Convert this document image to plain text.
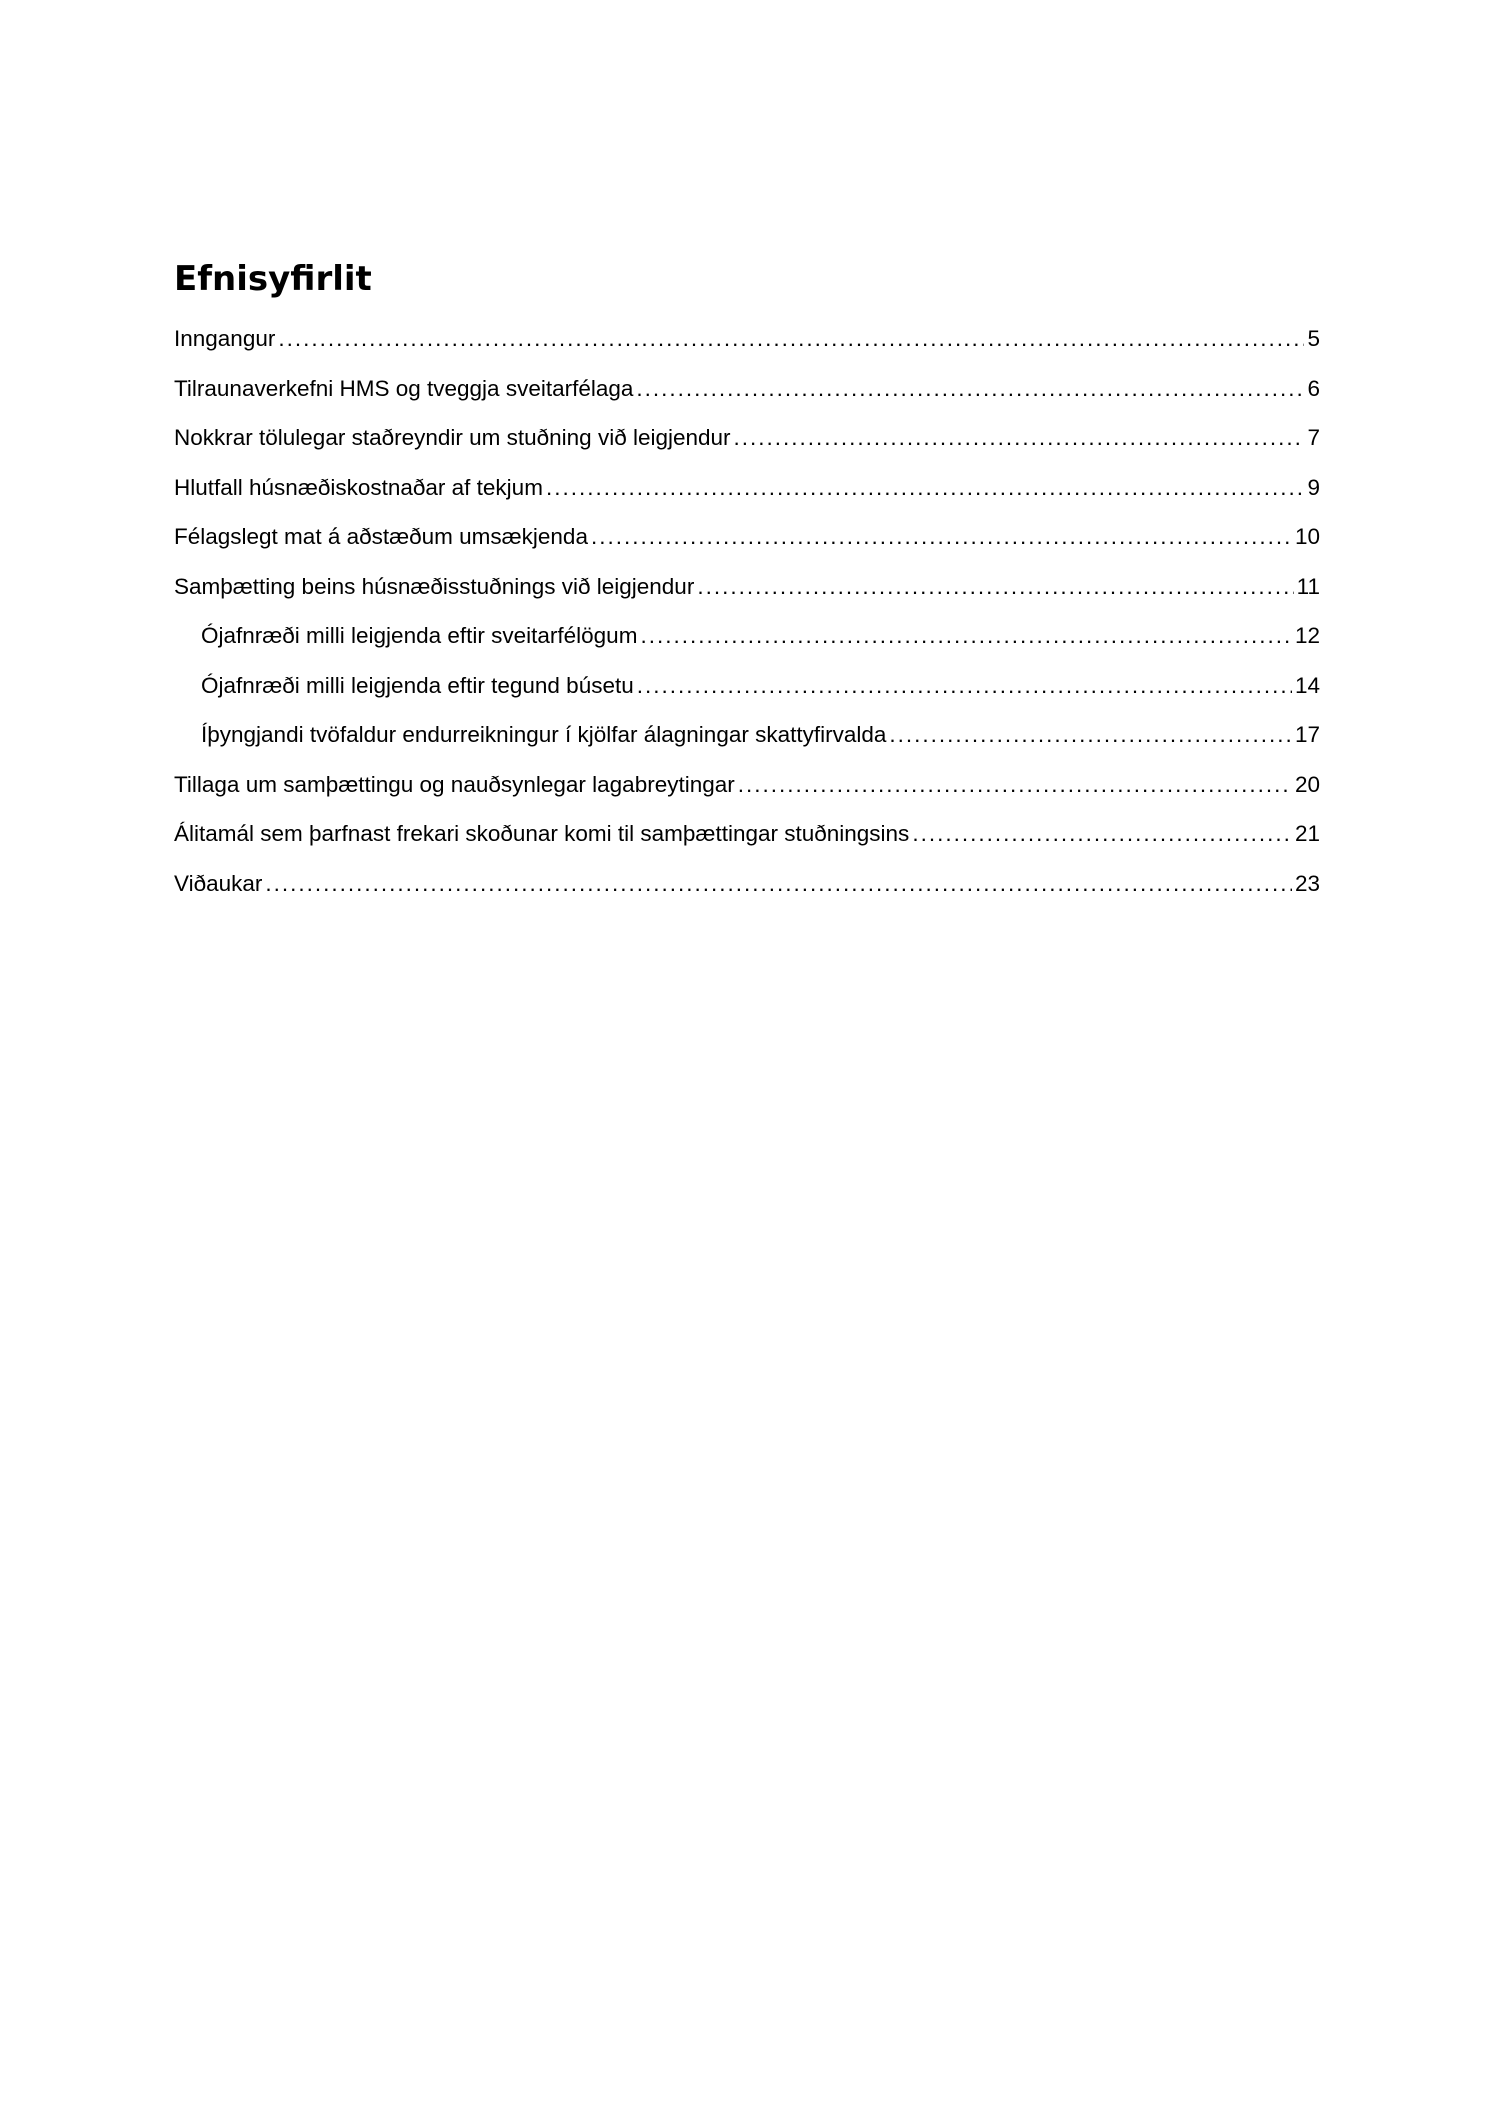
Efnisyfirlit
Inngangur .....	5
Tilraunaverkefni HMS og tveggja sveitarfélaga .....	6
Nokkrar tölulegar staðreyndir um stuðning við leigjendur .....	7
Hlutfall húsnæðiskostnaðar af tekjum .....	9
Félagslegt mat á aðstæðum umsækjenda .....	10
Samþætting beins húsnæðisstuðnings við leigjendur .....	11
Ójafnræði milli leigjenda eftir sveitarfélögum .....	12
Ójafnræði milli leigjenda eftir tegund búsetu .....	14
Íþyngjandi tvöfaldur endurreikningur í kjölfar álagningar skattyfirvalda .....	17
Tillaga um samþættingu og nauðsynlegar lagabreytingar .....	20
Álitamál sem þarfnast frekari skoðunar komi til samþættingar stuðningsins .....	21
Viðaukar .....	23
